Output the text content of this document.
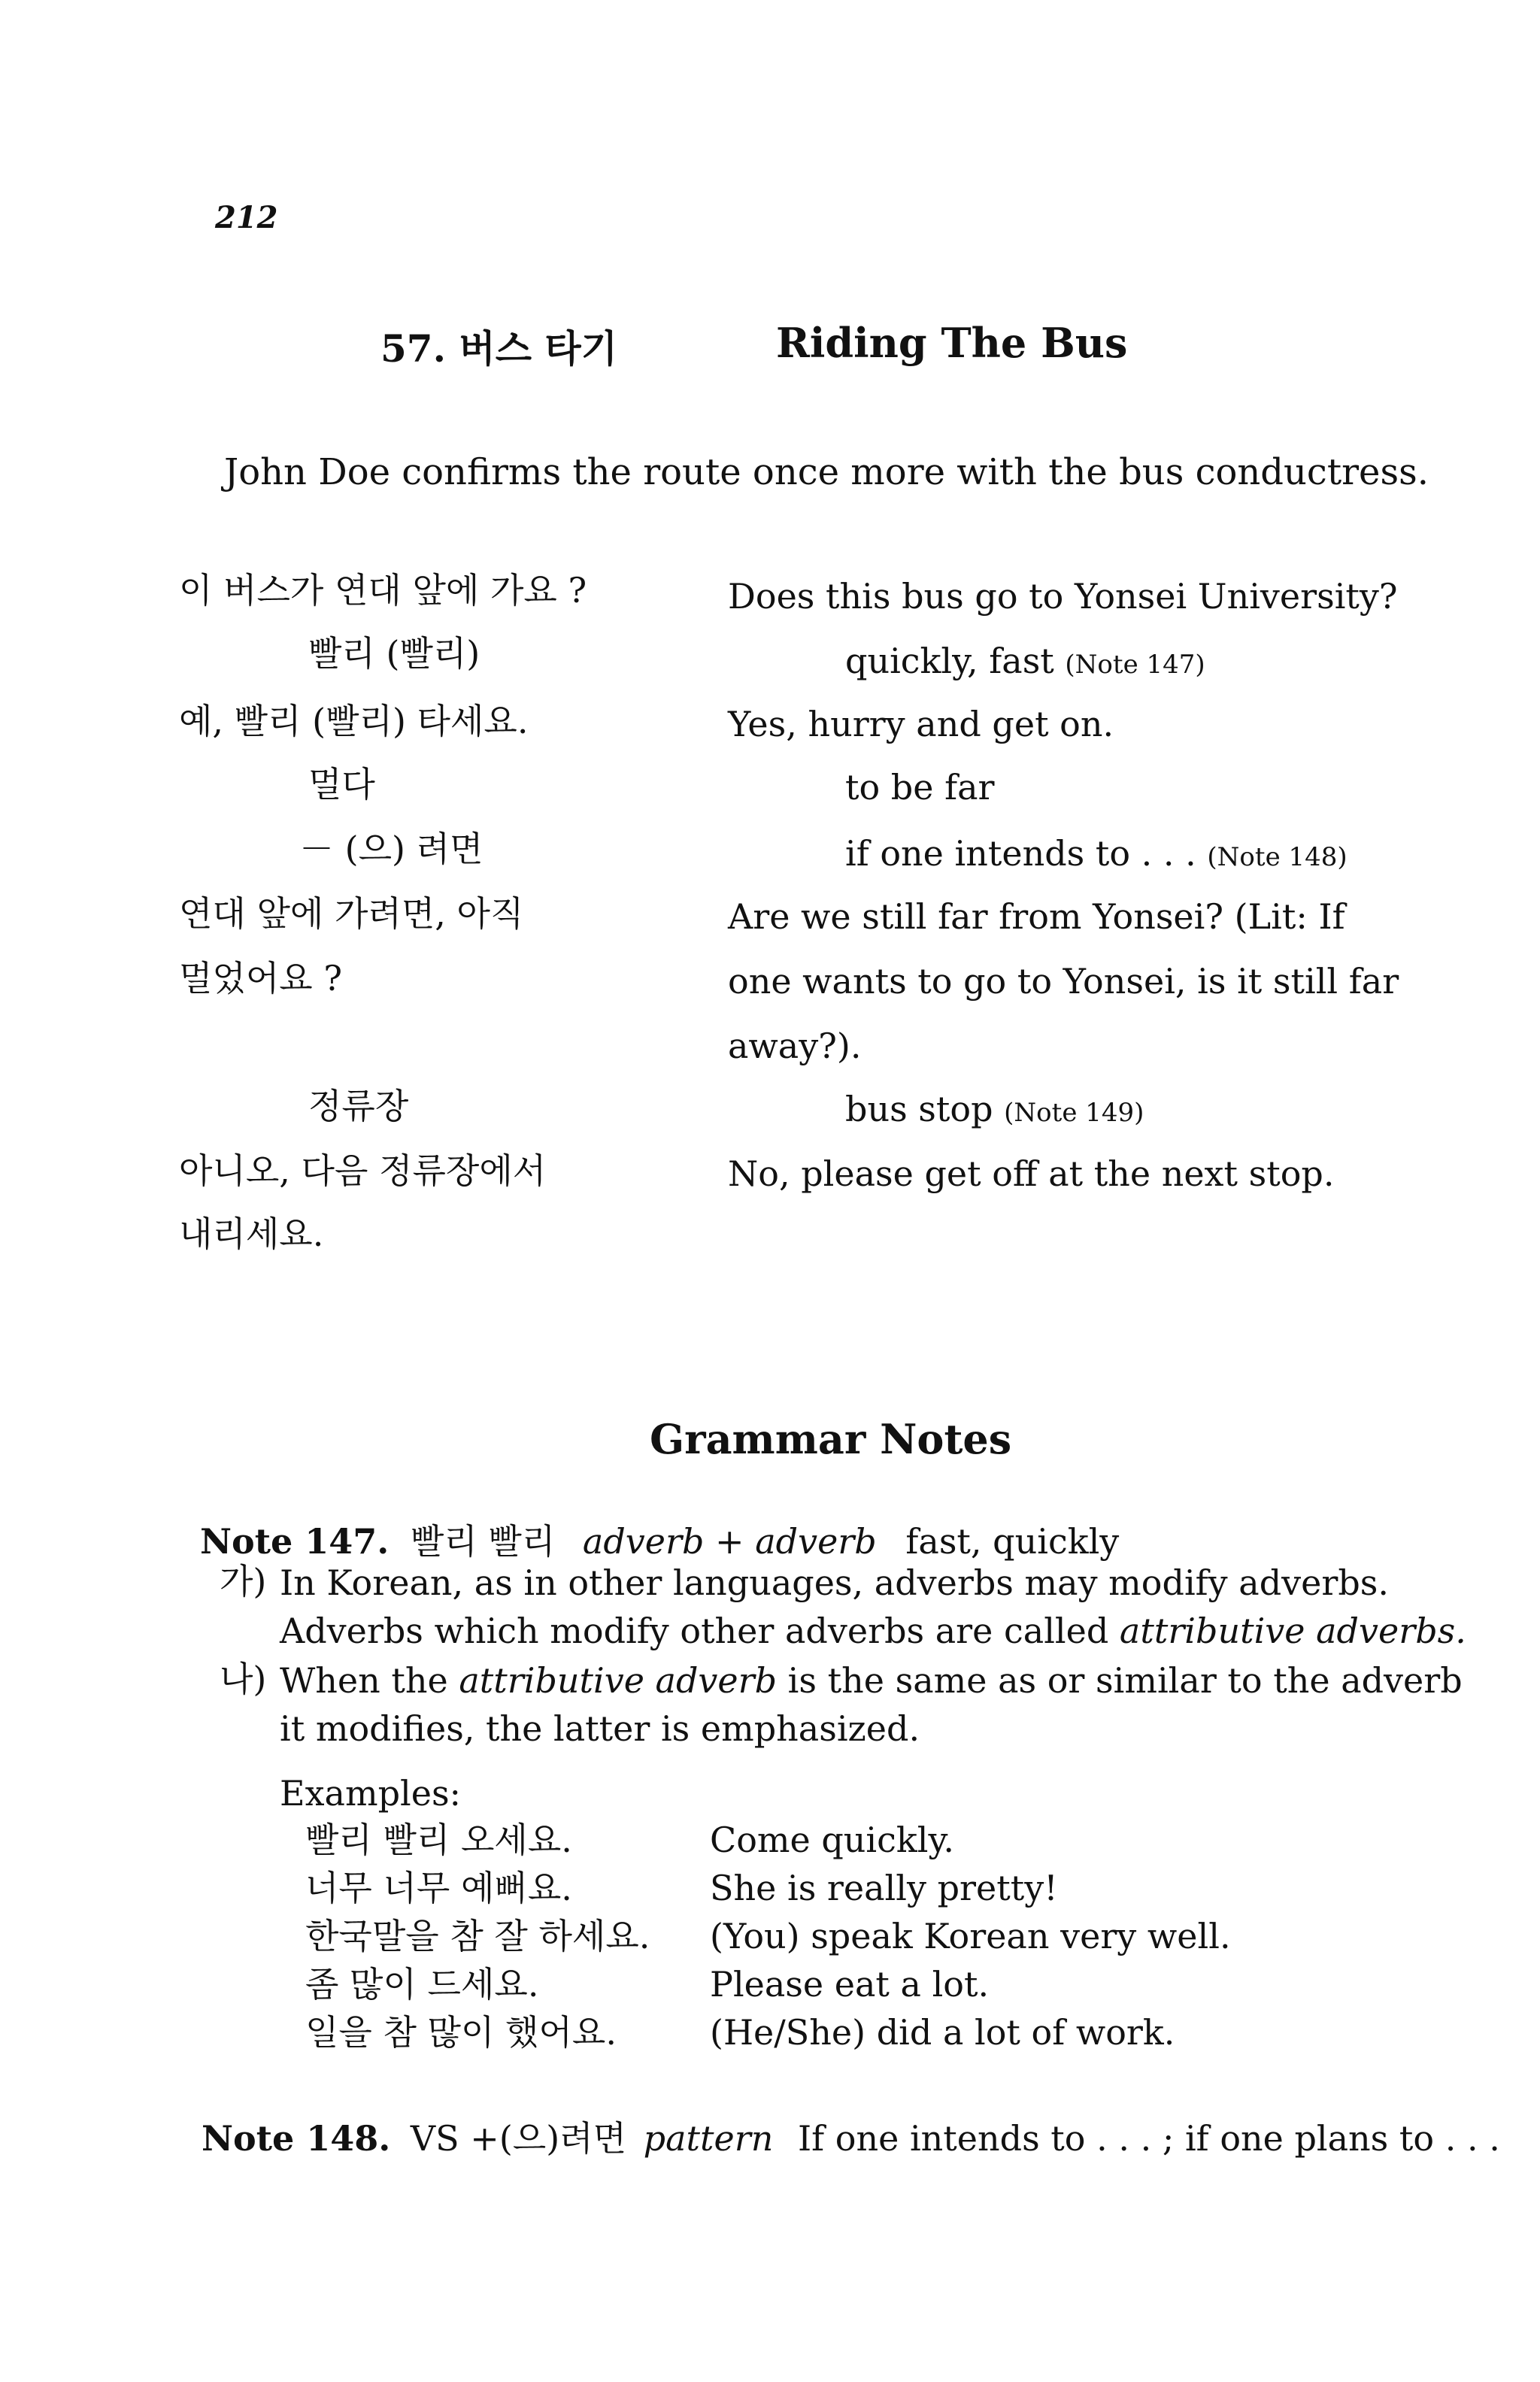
212
57. 버스 타기	Riding The Bus
John Doe confirms the route once more with the bus conductress.
이 버스가 연대 앞에 가요 ?	Does this bus go to Yonsei University?
빨리 (빨리)	quickly, fast (Note 147)
예, 빨리 (빨리) 타세요.	Yes, hurry and get on.
멀다	to be far
－ (으) 려면	if one intends to . . . (Note 148)
연대 앞에 가려면, 아직	Are we still far from Yonsei? (Lit: If
멀었어요 ?	one wants to go to Yonsei, is it still far
away?).
정류장	bus stop (Note 149)
아니오, 다음 정류장에서	No, please get off at the next stop.
내리세요.
Grammar Notes
Note 147. 빨리 빨리 adverb + adverb fast, quickly
가) In Korean, as in other languages, adverbs may modify adverbs.
Adverbs which modify other adverbs are called attributive adverbs.
나) When the attributive adverb is the same as or similar to the adverb
it modifies, the latter is emphasized.
Examples:
빨리 빨리 오세요.	Come quickly.
너무 너무 예뻐요.	She is really pretty!
한국말을 참 잘 하세요. (You) speak Korean very well.
좀 많이 드세요.	Please eat a lot.
일을 참 많이 했어요.	(He/She) did a lot of work.
Note 148. VS +(으)려면 pattern If one intends to . . . ; if one plans to . . .
